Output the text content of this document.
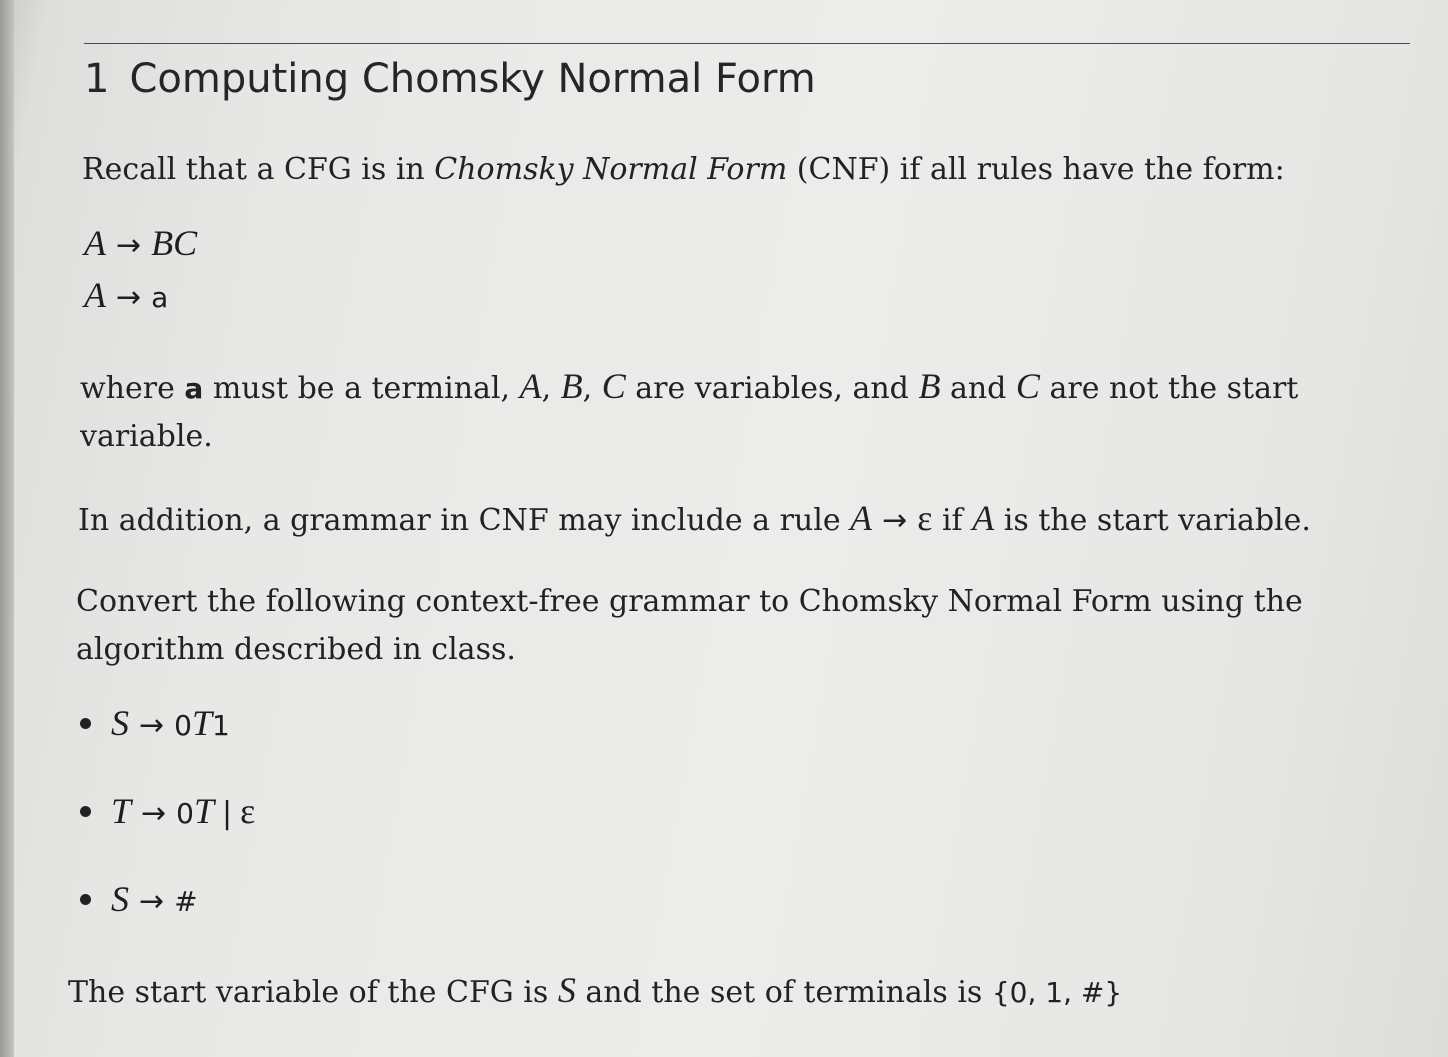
1 Computing Chomsky Normal Form

Recall that a CFG is in Chomsky Normal Form (CNF) if all rules have the form:

A → BC
A → a

where a must be a terminal, A, B, C are variables, and B and C are not the start
variable.

In addition, a grammar in CNF may include a rule A → ε if A is the start variable.

Convert the following context-free grammar to Chomsky Normal Form using the
algorithm described in class.

S → 0T1
T → 0T | ε
S → #

The start variable of the CFG is S and the set of terminals is {0, 1, #}
